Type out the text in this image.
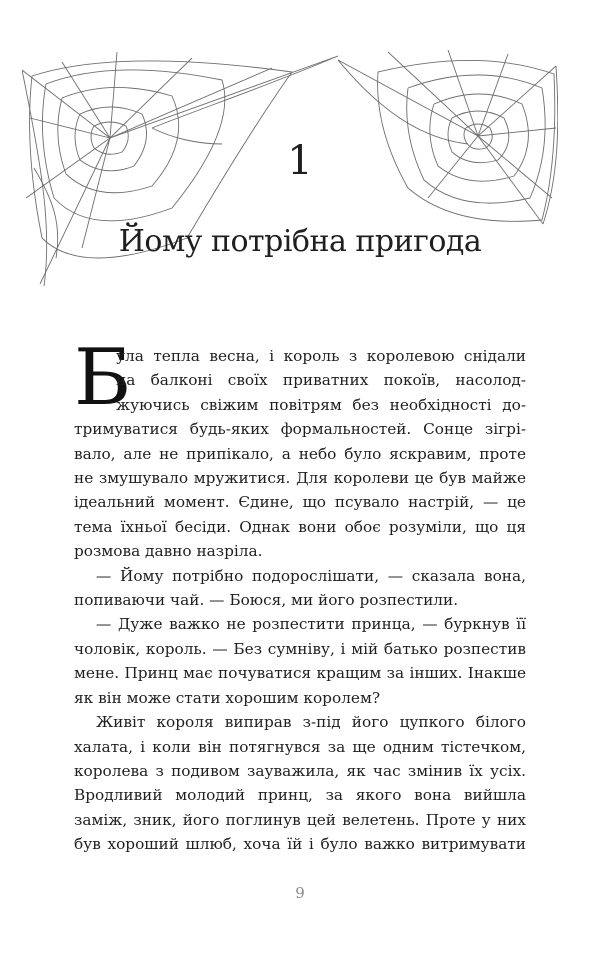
1
Йому потрібна пригода
Б
ула тепла весна, і король з королевою снідали
на балконі своїх приватних покоїв, насолод-
жуючись свіжим повітрям без необхідності до-
тримуватися будь-яких формальностей. Сонце зігрі-
вало, але не припікало, а небо було яскравим, проте
не змушувало мружитися. Для королеви це був майже
ідеальний момент. Єдине, що псувало настрій, — це
тема їхньої бесіди. Однак вони обоє розуміли, що ця
розмова давно назріла.
— Йому потрібно подорослішати, — сказала вона,
попиваючи чай. — Боюся, ми його розпестили.
— Дуже важко не розпестити принца, — буркнув її
чоловік, король. — Без сумніву, і мій батько розпестив
мене. Принц має почуватися кращим за інших. Інакше
як він може стати хорошим королем?
Живіт короля випирав з-під його цупкого білого
халата, і коли він потягнувся за ще одним тістечком,
королева з подивом зауважила, як час змінив їх усіх.
Вродливий молодий принц, за якого вона вийшла
заміж, зник, його поглинув цей велетень. Проте у них
був хороший шлюб, хоча їй і було важко витримувати
9
